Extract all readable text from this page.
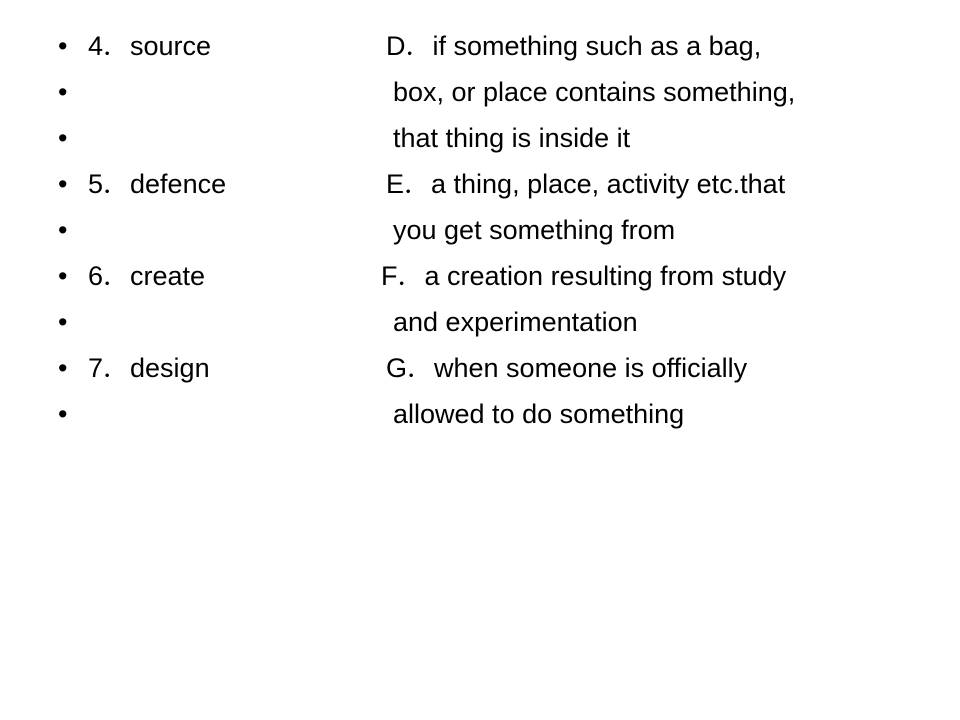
• 4．source	D．if something such as a bag,
•	box, or place contains something,
•	that thing is inside it
• 5．defence	E．a thing, place, activity etc.that
•	you get something from
• 6．create	F．a creation resulting from study
•	and experimentation
• 7．design	G．when someone is officially
•	allowed to do something
